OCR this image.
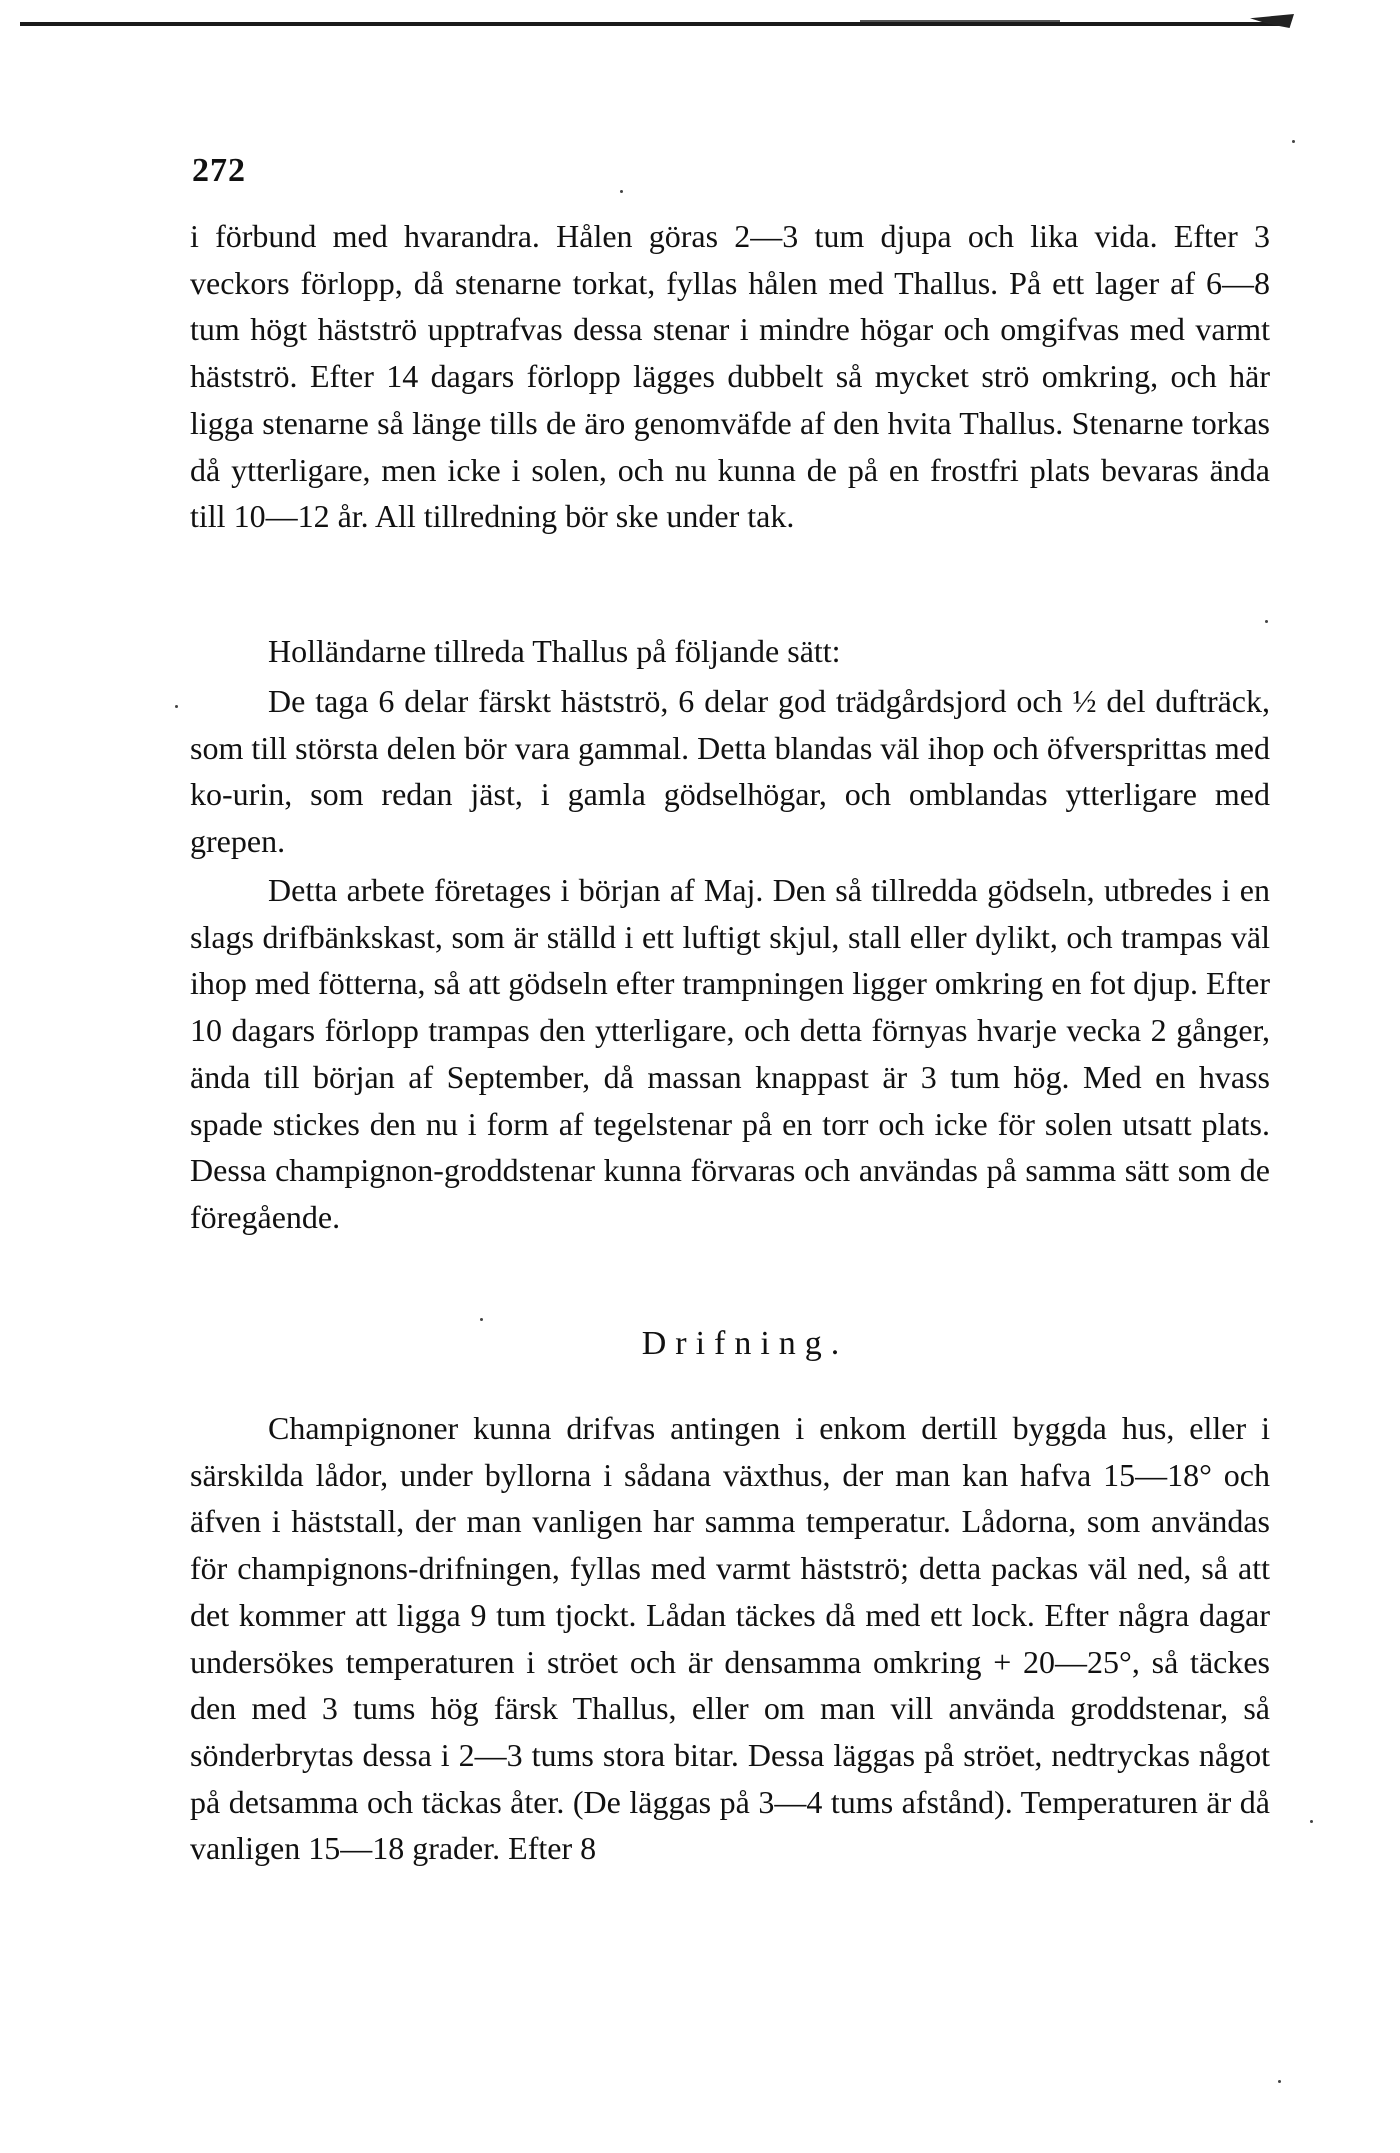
272

i förbund med hvarandra. Hålen göras 2—3 tum djupa och lika vida. Efter 3 veckors förlopp, då stenarne torkat, fyllas hålen med Thallus. På ett lager af 6—8 tum högt hästströ upptrafvas dessa stenar i mindre högar och omgifvas med varmt hästströ. Efter 14 dagars förlopp lägges dubbelt så mycket strö omkring, och här ligga stenarne så länge tills de äro genomväfde af den hvita Thallus. Stenarne torkas då ytterligare, men icke i solen, och nu kunna de på en frostfri plats bevaras ända till 10—12 år. All tillredning bör ske under tak.

Holländarne tillreda Thallus på följande sätt:

De taga 6 delar färskt hästströ, 6 delar god trädgårdsjord och ½ del dufträck, som till största delen bör vara gammal. Detta blandas väl ihop och öfversprittas med ko-urin, som redan jäst, i gamla gödselhögar, och omblandas ytterligare med grepen.

Detta arbete företages i början af Maj. Den så tillredda gödseln, utbredes i en slags drifbänkskast, som är ställd i ett luftigt skjul, stall eller dylikt, och trampas väl ihop med fötterna, så att gödseln efter trampningen ligger omkring en fot djup. Efter 10 dagars förlopp trampas den ytterligare, och detta förnyas hvarje vecka 2 gånger, ända till början af September, då massan knappast är 3 tum hög. Med en hvass spade stickes den nu i form af tegelstenar på en torr och icke för solen utsatt plats. Dessa champignon-groddstenar kunna förvaras och användas på samma sätt som de föregående.

Drifning.

Champignoner kunna drifvas antingen i enkom dertill byggda hus, eller i särskilda lådor, under byllorna i sådana växthus, der man kan hafva 15—18° och äfven i häststall, der man vanligen har samma temperatur. Lådorna, som användas för champignons-drifningen, fyllas med varmt hästströ; detta packas väl ned, så att det kommer att ligga 9 tum tjockt. Lådan täckes då med ett lock. Efter några dagar undersökes temperaturen i ströet och är densamma omkring + 20—25°, så täckes den med 3 tums hög färsk Thallus, eller om man vill använda groddstenar, så sönderbrytas dessa i 2—3 tums stora bitar. Dessa läggas på ströet, nedtryckas något på detsamma och täckas åter. (De läggas på 3—4 tums afstånd). Temperaturen är då vanligen 15—18 grader. Efter 8
